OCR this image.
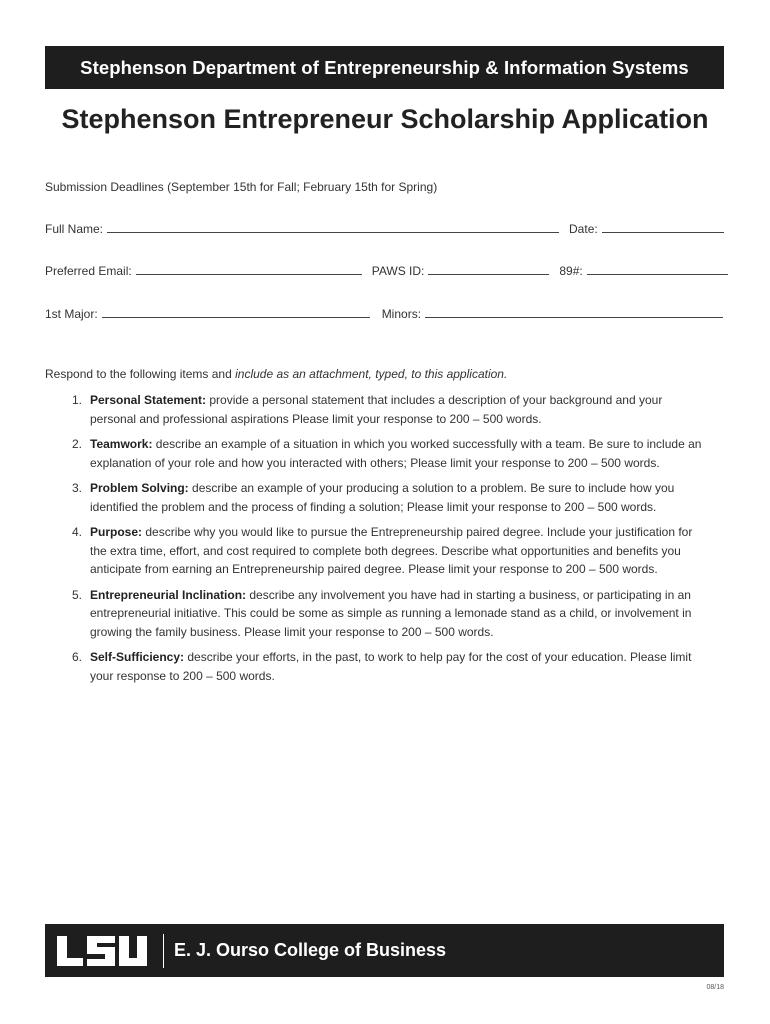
Stephenson Department of Entrepreneurship & Information Systems
Stephenson Entrepreneur Scholarship Application
Submission Deadlines (September 15th for Fall; February 15th for Spring)
Full Name:	Date:
Preferred Email:	PAWS ID:	89#:
1st Major:	Minors:
Respond to the following items and include as an attachment, typed, to this application.
1. Personal Statement: provide a personal statement that includes a description of your background and your personal and professional aspirations Please limit your response to 200 – 500 words.
2. Teamwork: describe an example of a situation in which you worked successfully with a team. Be sure to include an explanation of your role and how you interacted with others; Please limit your response to 200 – 500 words.
3. Problem Solving: describe an example of your producing a solution to a problem. Be sure to include how you identified the problem and the process of finding a solution; Please limit your response to 200 – 500 words.
4. Purpose: describe why you would like to pursue the Entrepreneurship paired degree. Include your justification for the extra time, effort, and cost required to complete both degrees. Describe what opportunities and benefits you anticipate from earning an Entrepreneurship paired degree. Please limit your response to 200 – 500 words.
5. Entrepreneurial Inclination: describe any involvement you have had in starting a business, or participating in an entrepreneurial initiative. This could be some as simple as running a lemonade stand as a child, or involvement in growing the family business. Please limit your response to 200 – 500 words.
6. Self-Sufficiency: describe your efforts, in the past, to work to help pay for the cost of your education. Please limit your response to 200 – 500 words.
E. J. Ourso College of Business
08/18
